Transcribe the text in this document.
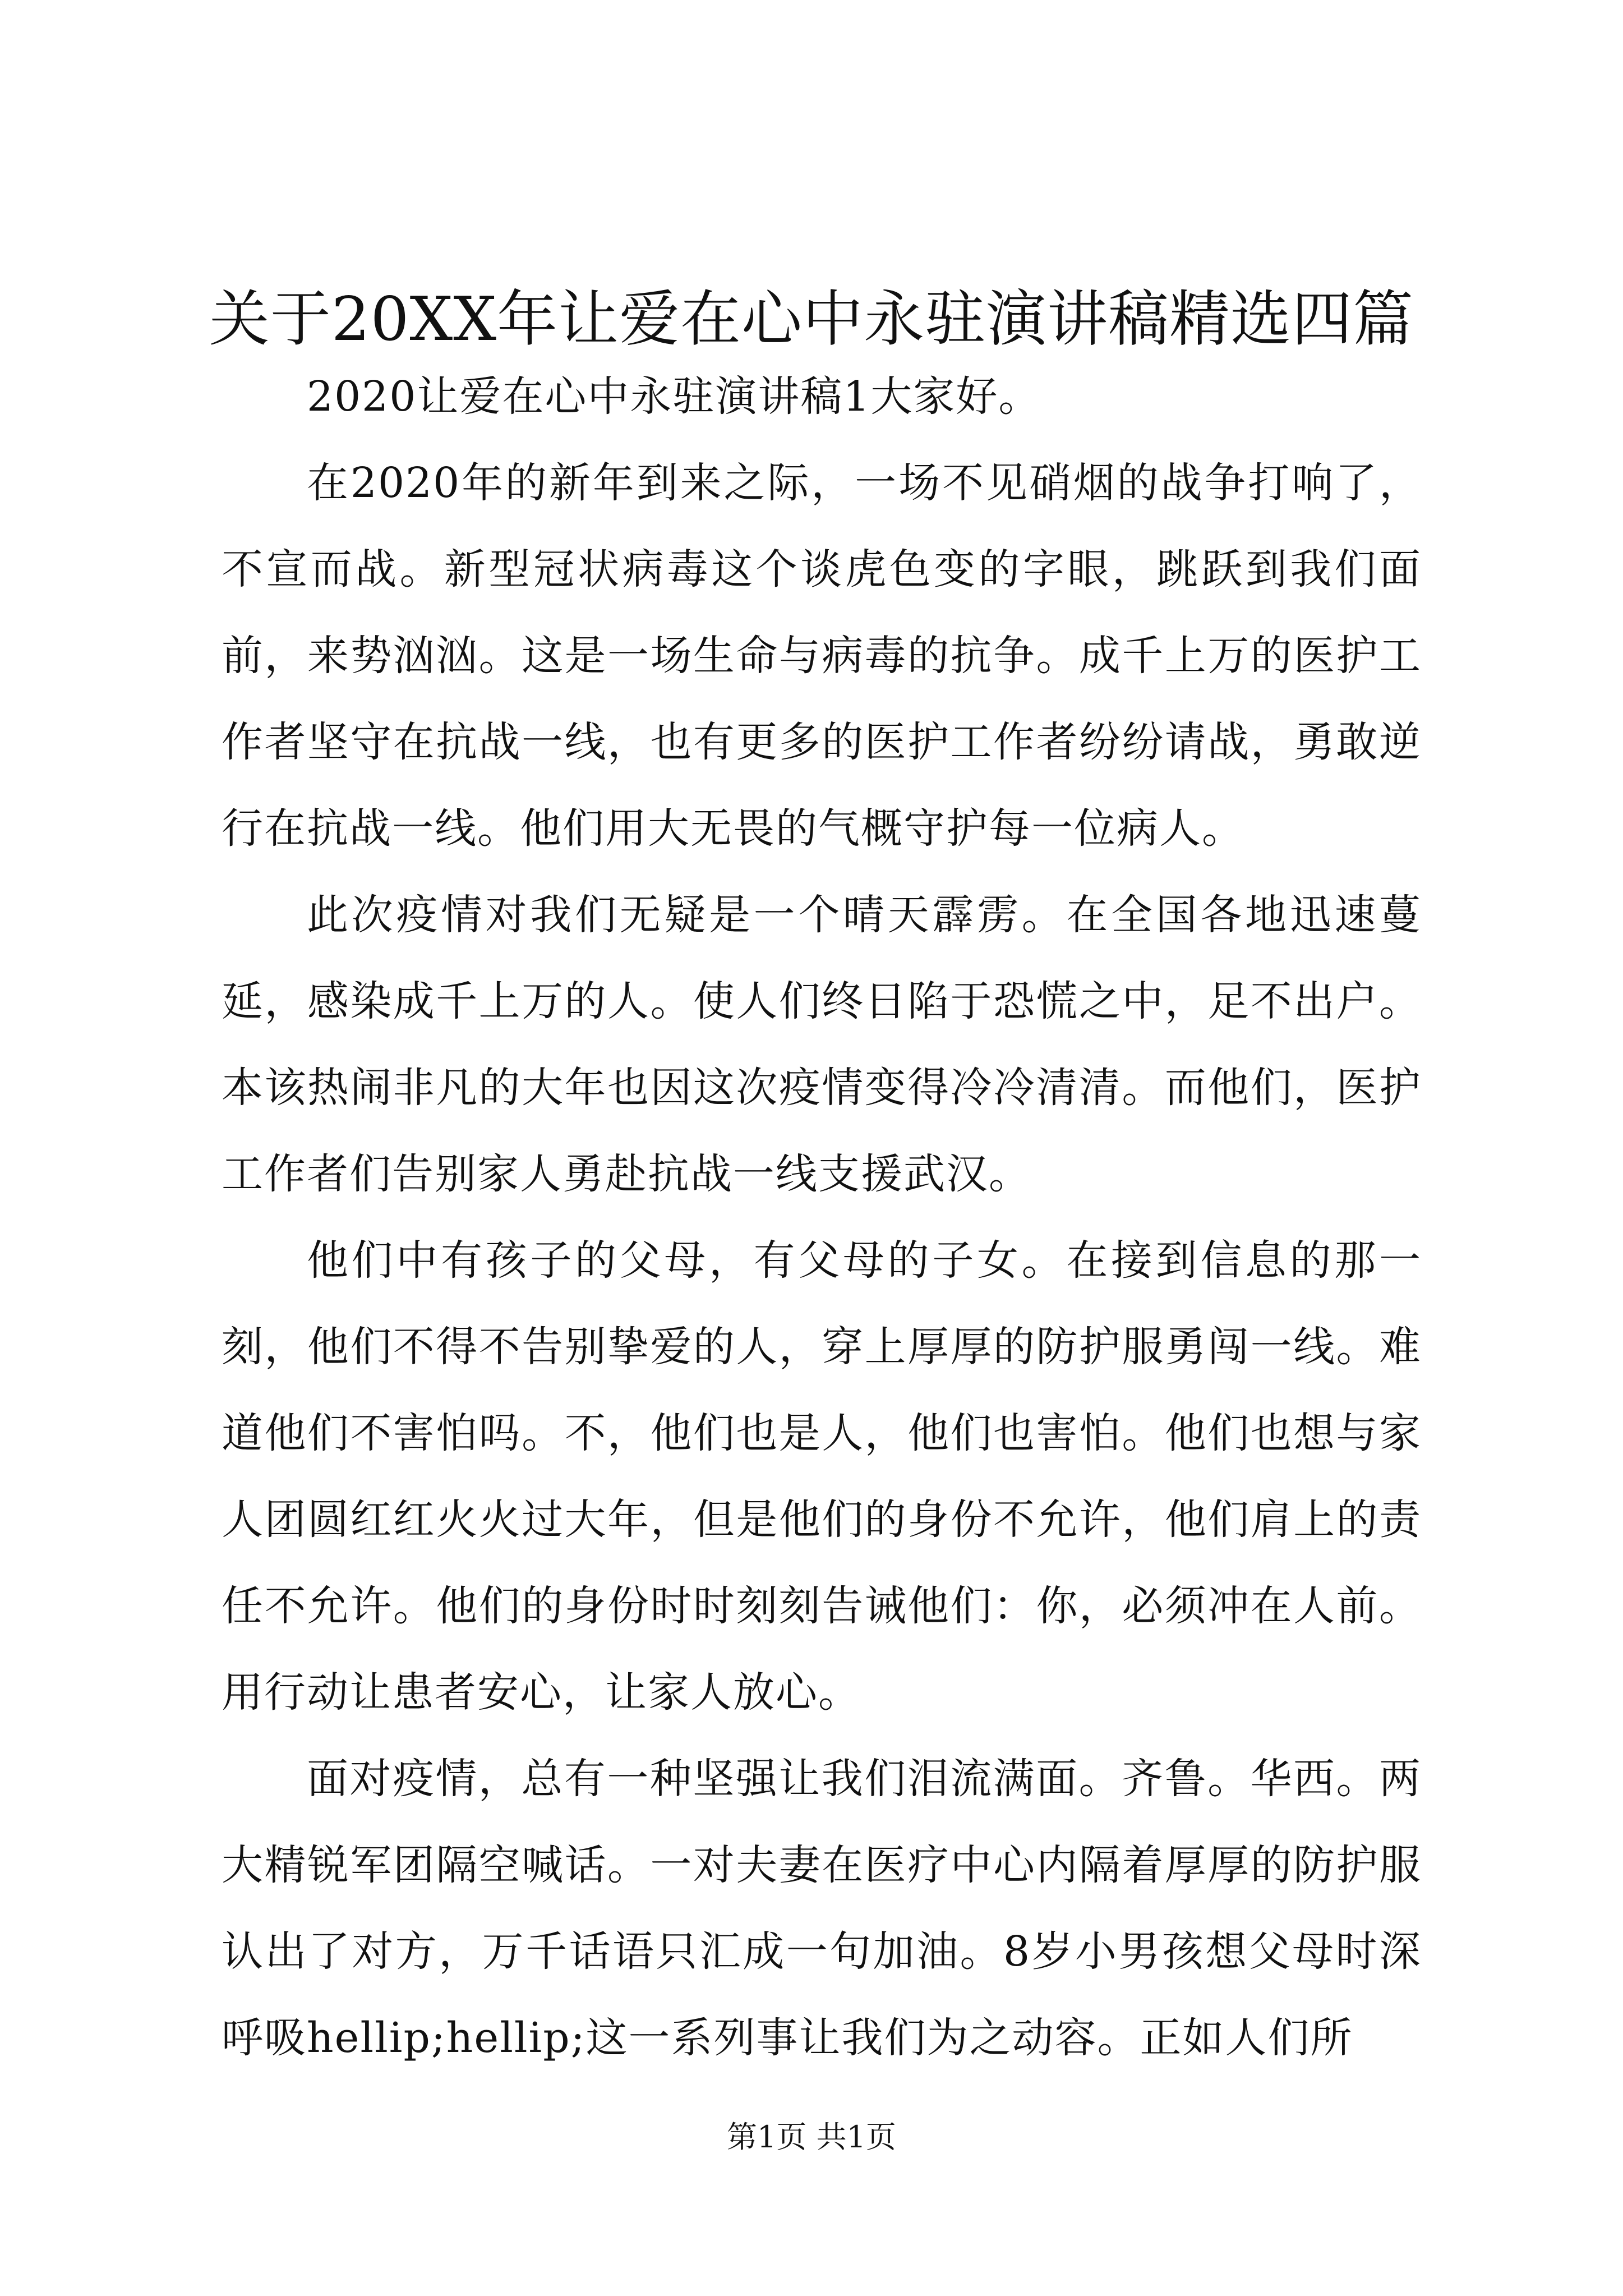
关于20XX年让爱在心中永驻演讲稿精选四篇

2020让爱在心中永驻演讲稿1大家好。

在2020年的新年到来之际，一场不见硝烟的战争打响了，不宣而战。新型冠状病毒这个谈虎色变的字眼，跳跃到我们面前，来势汹汹。这是一场生命与病毒的抗争。成千上万的医护工作者坚守在抗战一线，也有更多的医护工作者纷纷请战，勇敢逆行在抗战一线。他们用大无畏的气概守护每一位病人。

此次疫情对我们无疑是一个晴天霹雳。在全国各地迅速蔓延，感染成千上万的人。使人们终日陷于恐慌之中，足不出户。本该热闹非凡的大年也因这次疫情变得冷冷清清。而他们，医护工作者们告别家人勇赴抗战一线支援武汉。

他们中有孩子的父母，有父母的子女。在接到信息的那一刻，他们不得不告别挚爱的人，穿上厚厚的防护服勇闯一线。难道他们不害怕吗。不，他们也是人，他们也害怕。他们也想与家人团圆红红火火过大年，但是他们的身份不允许，他们肩上的责任不允许。他们的身份时时刻刻告诫他们：你，必须冲在人前。用行动让患者安心，让家人放心。

面对疫情，总有一种坚强让我们泪流满面。齐鲁。华西。两大精锐军团隔空喊话。一对夫妻在医疗中心内隔着厚厚的防护服认出了对方，万千话语只汇成一句加油。8岁小男孩想父母时深呼吸hellip;hellip;这一系列事让我们为之动容。正如人们所

第1页 共1页
